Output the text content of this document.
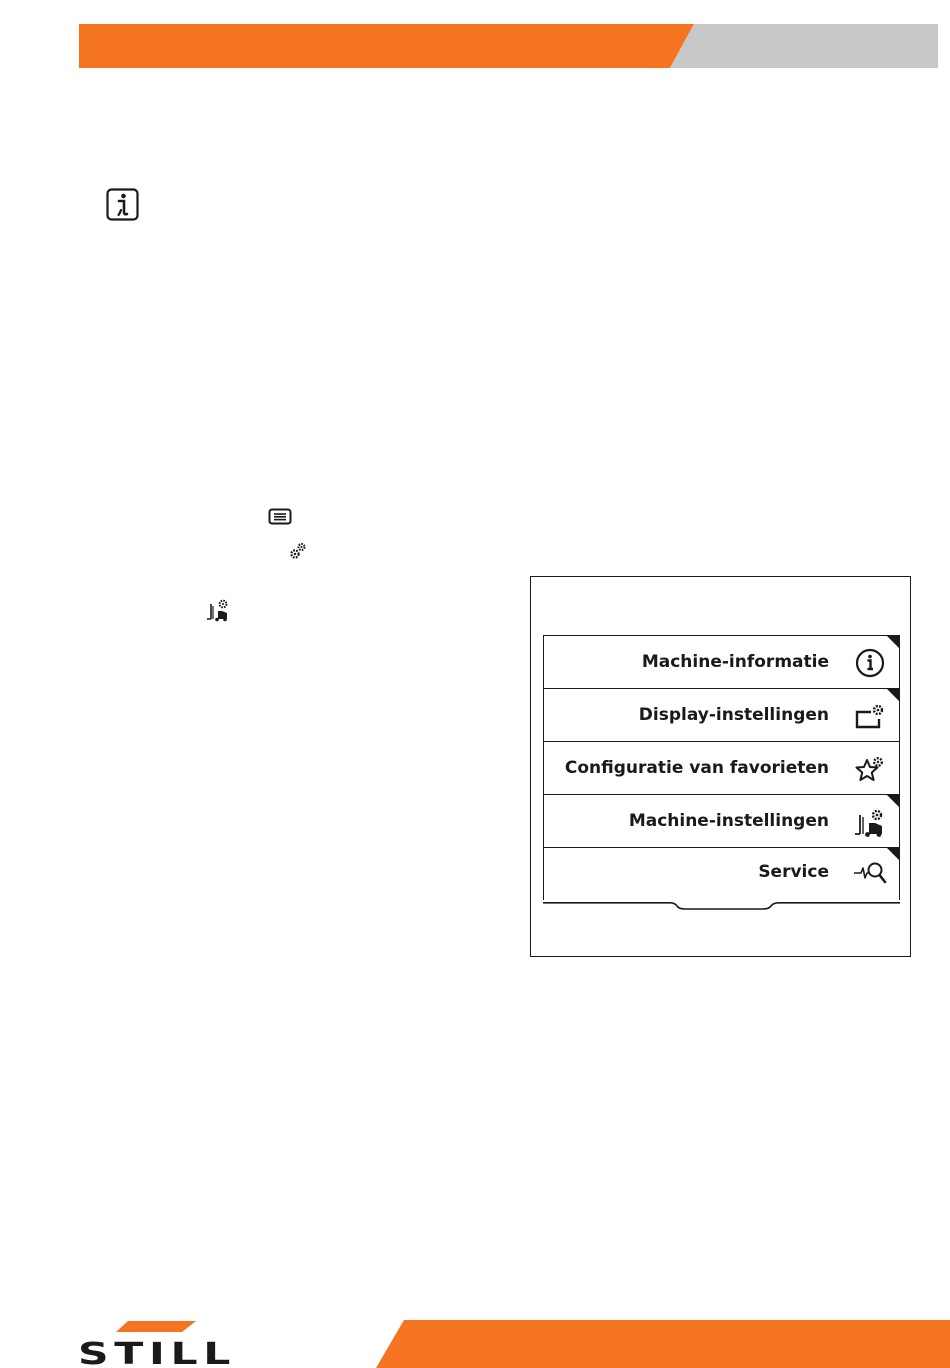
Machine-informatie
Display-instellingen
Configuratie van favorieten
Machine-instellingen
Service
STILL
